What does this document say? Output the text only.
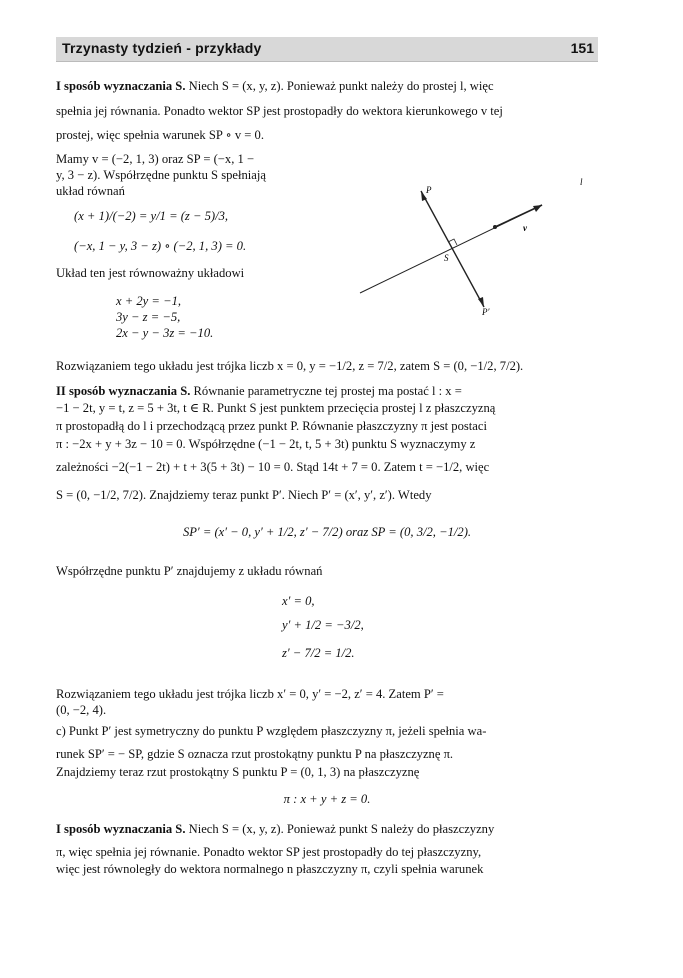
Trzynasty tydzień - przykłady	151
I sposób wyznaczania S. Niech S = (x, y, z). Ponieważ punkt należy do prostej l, więc
spełnia jej równania. Ponadto wektor SP jest prostopadły do wektora kierunkowego v tej
prostej, więc spełnia warunek SP ∘ v = 0.
Mamy v = (−2, 1, 3) oraz SP = (−x, 1 −
y, 3 − z). Współrzędne punktu S spełniają
układ równań
(x + 1)/(−2) = y/1 = (z − 5)/3,
(−x, 1 − y, 3 − z) ∘ (−2, 1, 3) = 0.
Układ ten jest równoważny układowi
x + 2y = −1,
3y − z = −5,
2x − y − 3z = −10.
P
l
v
S
P′
Rozwiązaniem tego układu jest trójka liczb x = 0, y = −1/2, z = 7/2, zatem S = (0, −1/2, 7/2).
II sposób wyznaczania S. Równanie parametryczne tej prostej ma postać l : x =
−1 − 2t, y = t, z = 5 + 3t, t ∈ R. Punkt S jest punktem przecięcia prostej l z płaszczyzną
π prostopadłą do l i przechodzącą przez punkt P. Równanie płaszczyzny π jest postaci
π : −2x + y + 3z − 10 = 0. Współrzędne (−1 − 2t, t, 5 + 3t) punktu S wyznaczymy z
zależności −2(−1 − 2t) + t + 3(5 + 3t) − 10 = 0. Stąd 14t + 7 = 0. Zatem t = −1/2, więc
S = (0, −1/2, 7/2). Znajdziemy teraz punkt P′. Niech P′ = (x′, y′, z′). Wtedy
SP′ = (x′ − 0, y′ + 1/2, z′ − 7/2) oraz SP = (0, 3/2, −1/2).
Współrzędne punktu P′ znajdujemy z układu równań
x′ = 0,
y′ + 1/2 = −3/2,
z′ − 7/2 = 1/2.
Rozwiązaniem tego układu jest trójka liczb x′ = 0, y′ = −2, z′ = 4. Zatem P′ =
(0, −2, 4).
c) Punkt P′ jest symetryczny do punktu P względem płaszczyzny π, jeżeli spełnia wa-
runek SP′ = − SP, gdzie S oznacza rzut prostokątny punktu P na płaszczyznę π.
Znajdziemy teraz rzut prostokątny S punktu P = (0, 1, 3) na płaszczyznę
π : x + y + z = 0.
I sposób wyznaczania S. Niech S = (x, y, z). Ponieważ punkt S należy do płaszczyzny
π, więc spełnia jej równanie. Ponadto wektor SP jest prostopadły do tej płaszczyzny,
więc jest równoległy do wektora normalnego n płaszczyzny π, czyli spełnia warunek
